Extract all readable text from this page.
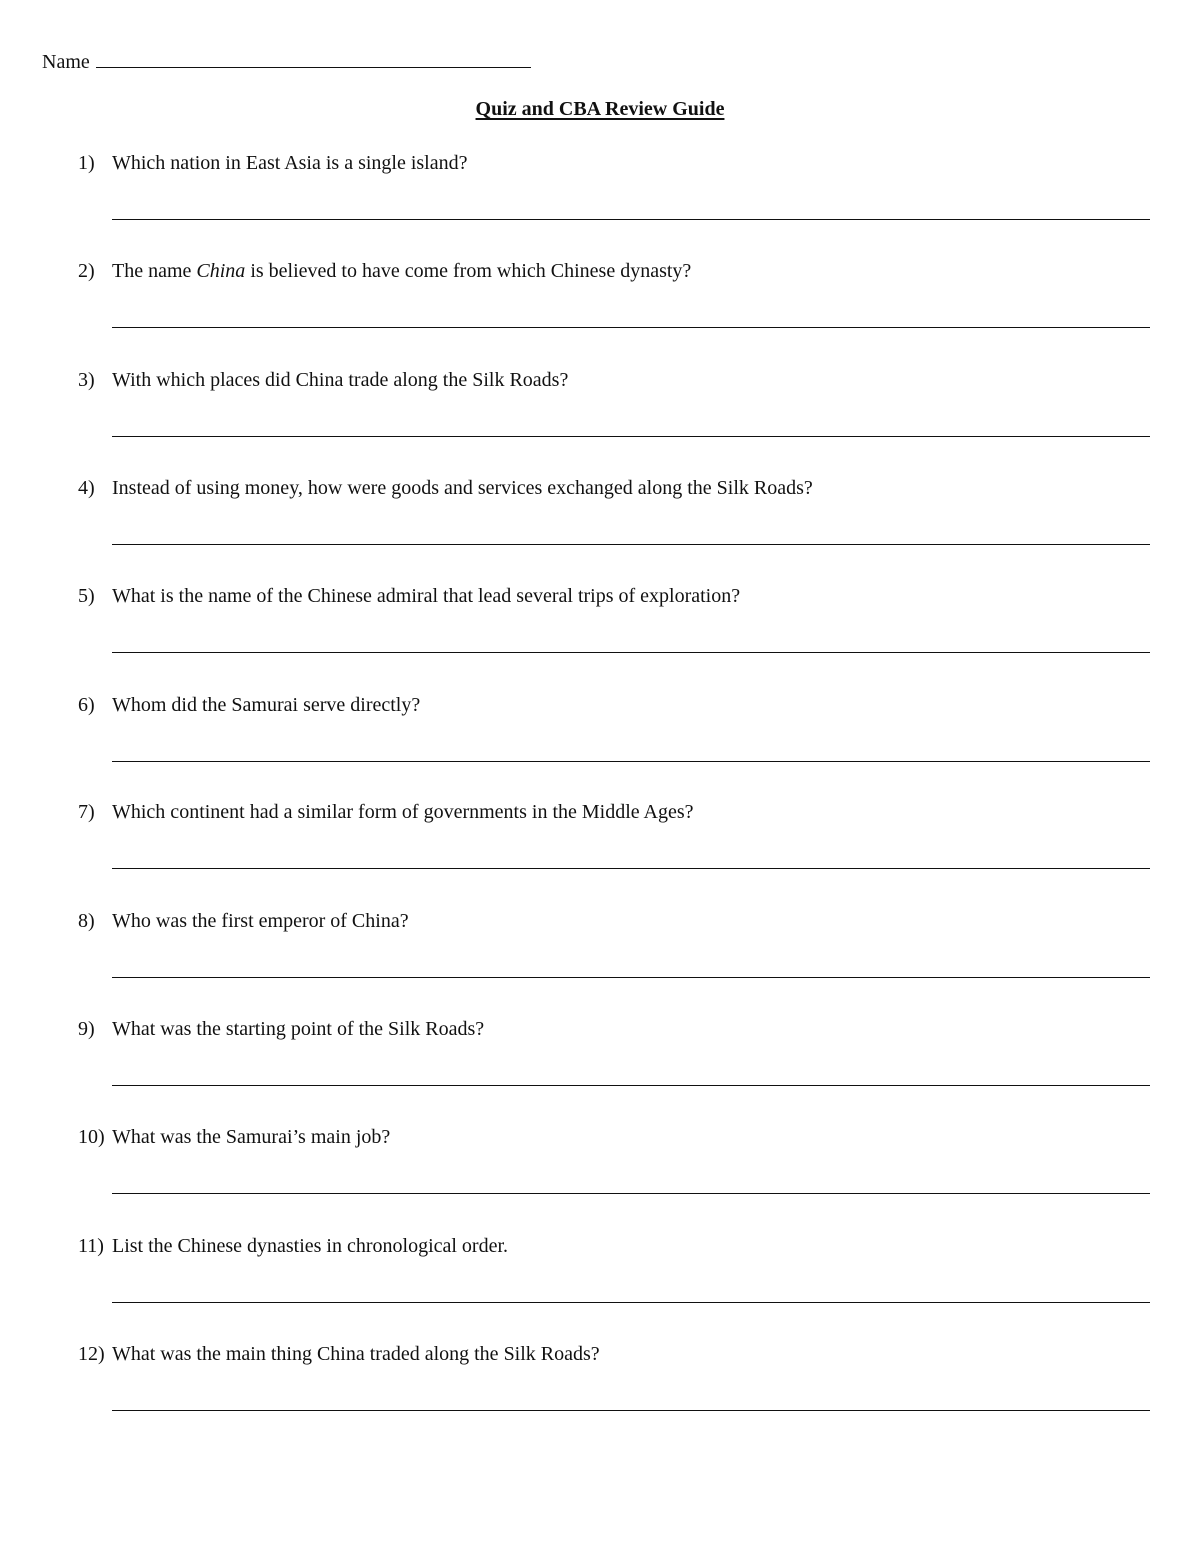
Name
Quiz and CBA Review Guide
1) Which nation in East Asia is a single island?
2) The name China is believed to have come from which Chinese dynasty?
3) With which places did China trade along the Silk Roads?
4) Instead of using money, how were goods and services exchanged along the Silk Roads?
5) What is the name of the Chinese admiral that lead several trips of exploration?
6) Whom did the Samurai serve directly?
7) Which continent had a similar form of governments in the Middle Ages?
8) Who was the first emperor of China?
9) What was the starting point of the Silk Roads?
10) What was the Samurai’s main job?
11) List the Chinese dynasties in chronological order.
12) What was the main thing China traded along the Silk Roads?
